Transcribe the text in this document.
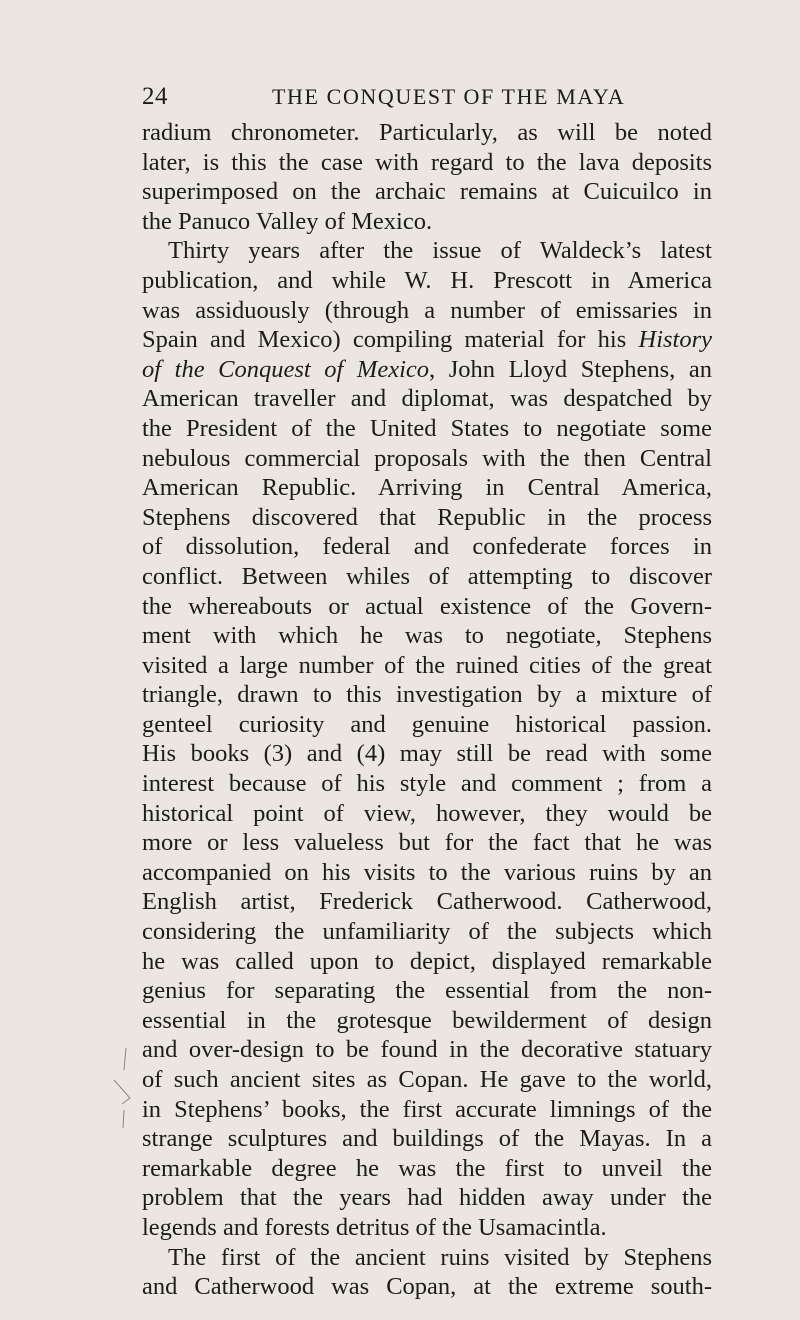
24	THE CONQUEST OF THE MAYA
radium chronometer. Particularly, as will be noted
later, is this the case with regard to the lava deposits
superimposed on the archaic remains at Cuicuilco in
the Panuco Valley of Mexico.
Thirty years after the issue of Waldeck’s latest
publication, and while W. H. Prescott in America
was assiduously (through a number of emissaries in
Spain and Mexico) compiling material for his History
of the Conquest of Mexico, John Lloyd Stephens, an
American traveller and diplomat, was despatched by
the President of the United States to negotiate some
nebulous commercial proposals with the then Central
American Republic. Arriving in Central America,
Stephens discovered that Republic in the process
of dissolution, federal and confederate forces in
conflict. Between whiles of attempting to discover
the whereabouts or actual existence of the Govern-
ment with which he was to negotiate, Stephens
visited a large number of the ruined cities of the great
triangle, drawn to this investigation by a mixture of
genteel curiosity and genuine historical passion.
His books (3) and (4) may still be read with some
interest because of his style and comment ; from a
historical point of view, however, they would be
more or less valueless but for the fact that he was
accompanied on his visits to the various ruins by an
English artist, Frederick Catherwood. Catherwood,
considering the unfamiliarity of the subjects which
he was called upon to depict, displayed remarkable
genius for separating the essential from the non-
essential in the grotesque bewilderment of design
and over-design to be found in the decorative statuary
of such ancient sites as Copan. He gave to the world,
in Stephens’ books, the first accurate limnings of the
strange sculptures and buildings of the Mayas. In a
remarkable degree he was the first to unveil the
problem that the years had hidden away under the
legends and forests detritus of the Usamacintla.
The first of the ancient ruins visited by Stephens
and Catherwood was Copan, at the extreme south-
